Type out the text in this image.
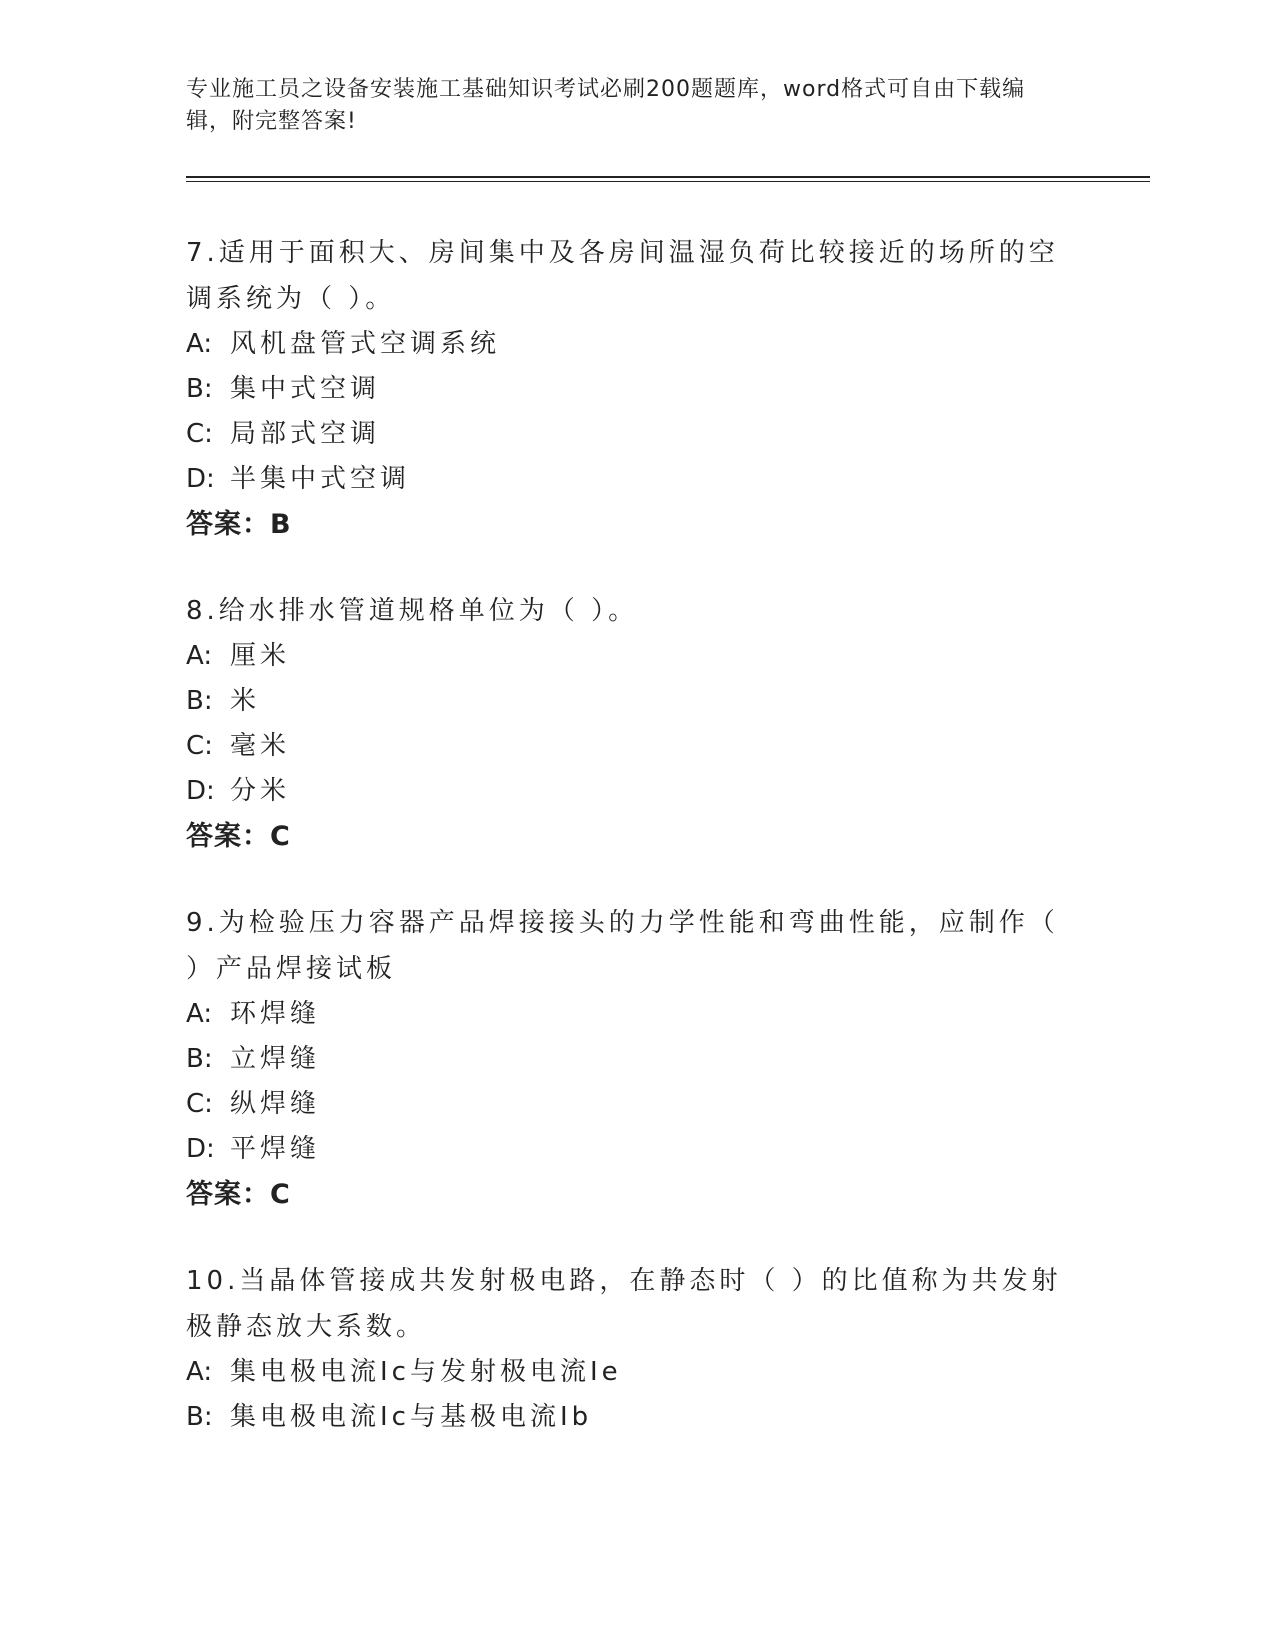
专业施工员之设备安装施工基础知识考试必刷200题题库，word格式可自由下载编辑，附完整答案!

7.适用于面积大、房间集中及各房间温湿负荷比较接近的场所的空调系统为（ ）。

A: 风机盘管式空调系统

B: 集中式空调

C: 局部式空调

D: 半集中式空调

答案：B

8.给水排水管道规格单位为（ ）。

A: 厘米

B: 米

C: 毫米

D: 分米

答案：C

9.为检验压力容器产品焊接接头的力学性能和弯曲性能，应制作（ ）产品焊接试板

A: 环焊缝

B: 立焊缝

C: 纵焊缝

D: 平焊缝

答案：C

10.当晶体管接成共发射极电路，在静态时（ ）的比值称为共发射极静态放大系数。

A: 集电极电流Ic与发射极电流Ie

B: 集电极电流Ic与基极电流Ib
